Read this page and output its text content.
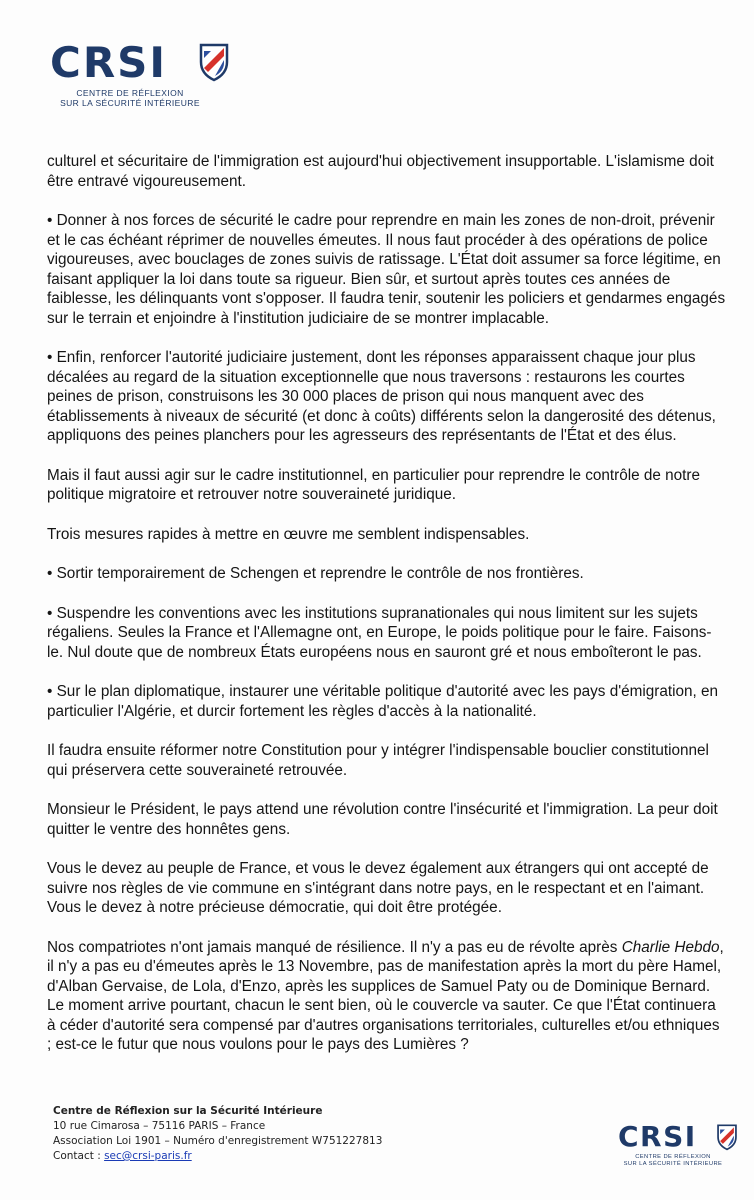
CRSI
CENTRE DE RÉFLEXION
SUR LA SÉCURITÉ INTÉRIEURE

culturel et sécuritaire de l'immigration est aujourd'hui objectivement insupportable. L'islamisme doit être entravé vigoureusement.

• Donner à nos forces de sécurité le cadre pour reprendre en main les zones de non-droit, prévenir et le cas échéant réprimer de nouvelles émeutes. Il nous faut procéder à des opérations de police vigoureuses, avec bouclages de zones suivis de ratissage. L'État doit assumer sa force légitime, en faisant appliquer la loi dans toute sa rigueur. Bien sûr, et surtout après toutes ces années de faiblesse, les délinquants vont s'opposer. Il faudra tenir, soutenir les policiers et gendarmes engagés sur le terrain et enjoindre à l'institution judiciaire de se montrer implacable.

• Enfin, renforcer l'autorité judiciaire justement, dont les réponses apparaissent chaque jour plus décalées au regard de la situation exceptionnelle que nous traversons : restaurons les courtes peines de prison, construisons les 30 000 places de prison qui nous manquent avec des établissements à niveaux de sécurité (et donc à coûts) différents selon la dangerosité des détenus, appliquons des peines planchers pour les agresseurs des représentants de l'État et des élus.

Mais il faut aussi agir sur le cadre institutionnel, en particulier pour reprendre le contrôle de notre politique migratoire et retrouver notre souveraineté juridique.

Trois mesures rapides à mettre en œuvre me semblent indispensables.

• Sortir temporairement de Schengen et reprendre le contrôle de nos frontières.

• Suspendre les conventions avec les institutions supranationales qui nous limitent sur les sujets régaliens. Seules la France et l'Allemagne ont, en Europe, le poids politique pour le faire. Faisons-le. Nul doute que de nombreux États européens nous en sauront gré et nous emboîteront le pas.

• Sur le plan diplomatique, instaurer une véritable politique d'autorité avec les pays d'émigration, en particulier l'Algérie, et durcir fortement les règles d'accès à la nationalité.

Il faudra ensuite réformer notre Constitution pour y intégrer l'indispensable bouclier constitutionnel qui préservera cette souveraineté retrouvée.

Monsieur le Président, le pays attend une révolution contre l'insécurité et l'immigration. La peur doit quitter le ventre des honnêtes gens.

Vous le devez au peuple de France, et vous le devez également aux étrangers qui ont accepté de suivre nos règles de vie commune en s'intégrant dans notre pays, en le respectant et en l'aimant. Vous le devez à notre précieuse démocratie, qui doit être protégée.

Nos compatriotes n'ont jamais manqué de résilience. Il n'y a pas eu de révolte après Charlie Hebdo, il n'y a pas eu d'émeutes après le 13 Novembre, pas de manifestation après la mort du père Hamel, d'Alban Gervaise, de Lola, d'Enzo, après les supplices de Samuel Paty ou de Dominique Bernard. Le moment arrive pourtant, chacun le sent bien, où le couvercle va sauter. Ce que l'État continuera à céder d'autorité sera compensé par d'autres organisations territoriales, culturelles et/ou ethniques ; est-ce le futur que nous voulons pour le pays des Lumières ?

Centre de Réflexion sur la Sécurité Intérieure
10 rue Cimarosa – 75116 PARIS – France
Association Loi 1901 – Numéro d'enregistrement W751227813
Contact : sec@crsi-paris.fr
CRSI
CENTRE DE RÉFLEXION
SUR LA SÉCURITÉ INTÉRIEURE
